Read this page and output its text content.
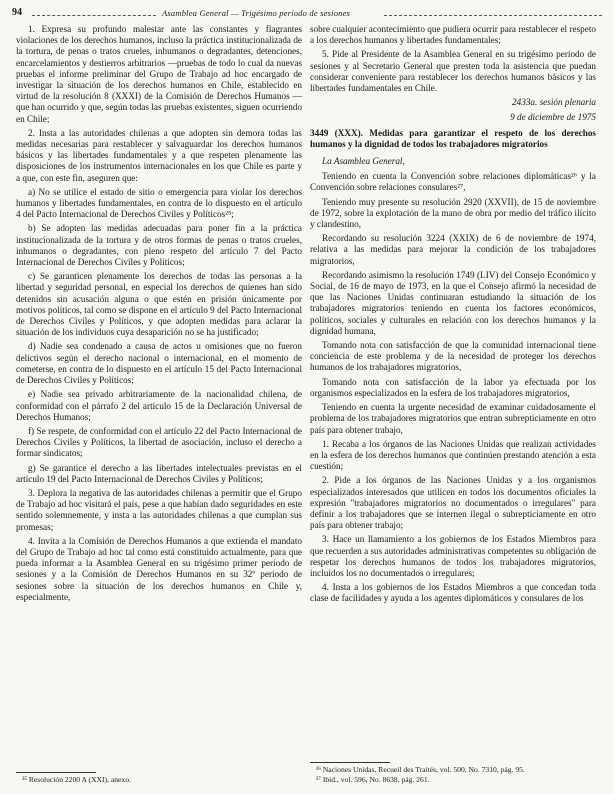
94	Asamblea General — Trigésimo período de sesiones

1. Expresa su profundo malestar ante las constantes y flagrantes violaciones de los derechos humanos, incluso la práctica institucionalizada de la tortura, de penas o tratos crueles, inhumanos o degradantes, detenciones, encarcelamientos y destierros arbitrarios —pruebas de todo lo cual da nuevas pruebas el informe preliminar del Grupo de Trabajo ad hoc encargado de investigar la situación de los derechos humanos en Chile, establecido en virtud de la resolución 8 (XXXI) de la Comisión de Derechos Humanos — que han ocurrido y que, según todas las pruebas existentes, siguen ocurriendo en Chile;

2. Insta a las autoridades chilenas a que adopten sin demora todas las medidas necesarias para restablecer y salvaguardar los derechos humanos básicos y las libertades fundamentales y a que respeten plenamente las disposiciones de los instrumentos internacionales en los que Chile es parte y a que, con este fin, aseguren que:

a) No se utilice el estado de sitio o emergencia para violar los derechos humanos y libertades fundamentales, en contra de lo dispuesto en el artículo 4 del Pacto Internacional de Derechos Civiles y Políticos²⁵;

b) Se adopten las medidas adecuadas para poner fin a la práctica institucionalizada de la tortura y de otros formas de penas o tratos crueles, inhumanos o degradantes, con pleno respeto del artículo 7 del Pacto Internacional de Derechos Civiles y Políticos;

c) Se garanticen plenamente los derechos de todas las personas a la libertad y seguridad personal, en especial los derechos de quienes han sido detenidos sin acusación alguna o que estén en prisión únicamente por motivos políticos, tal como se dispone en el artículo 9 del Pacto Internacional de Derechos Civiles y Políticos, y que adopten medidas para aclarar la situación de los individuos cuya desaparición no se ha justificado;

d) Nadie sea condenado a causa de actos u omisiones que no fueron delictivos según el derecho nacional o internacional, en el momento de cometerse, en contra de lo dispuesto en el artículo 15 del Pacto Internacional de Derechos Civiles y Políticos;

e) Nadie sea privado arbitrariamente de la nacionalidad chilena, de conformidad con el párrafo 2 del artículo 15 de la Declaración Universal de Derechos Humanos;

f) Se respete, de conformidad con el artículo 22 del Pacto Internacional de Derechos Civiles y Políticos, la libertad de asociación, incluso el derecho a formar sindicatos;

g) Se garantice el derecho a las libertades intelectuales previstas en el artículo 19 del Pacto Internacional de Derechos Civiles y Políticos;

3. Deplora la negativa de las autoridades chilenas a permitir que el Grupo de Trabajo ad hoc visitará el país, pese a que habían dado seguridades en este sentido solemnemente, y insta a las autoridades chilenas a que cumplan sus promesas;

4. Invita a la Comisión de Derechos Humanos a que extienda el mandato del Grupo de Trabajo ad hoc tal como está constituido actualmente, para que pueda informar a la Asamblea General en su trigésimo primer período de sesiones y a la Comisión de Derechos Humanos en su 32º período de sesiones sobre la situación de los derechos humanos en Chile y, especialmente,

²⁵ Resolución 2200 A (XXI), anexo.

sobre cualquier acontecimiento que pudiera ocurrir para restablecer el respeto a los derechos humanos y libertades fundamentales;

5. Pide al Presidente de la Asamblea General en su trigésimo período de sesiones y al Secretario General que presten toda la asistencia que puedan considerar conveniente para restablecer los derechos humanos básicos y las libertades fundamentales en Chile.

2433a. sesión plenaria
9 de diciembre de 1975
3449 (XXX). Medidas para garantizar el respeto de los derechos humanos y la dignidad de todos los trabajadores migratorios
La Asamblea General,

Teniendo en cuenta la Convención sobre relaciones diplomáticas²⁶ y la Convención sobre relaciones consulares²⁷,

Teniendo muy presente su resolución 2920 (XXVII), de 15 de noviembre de 1972, sobre la explotación de la mano de obra por medio del tráfico ilícito y clandestino,

Recordando su resolución 3224 (XXIX) de 6 de noviembre de 1974, relativa a las medidas para mejorar la condición de los trabajadores migratorios,

Recordando asimismo la resolución 1749 (LIV) del Consejo Económico y Social, de 16 de mayo de 1973, en la que el Consejo afirmó la necesidad de que las Naciones Unidas continuaran estudiando la situación de los trabajadores migratorios teniendo en cuenta los factores económicos, políticos, sociales y culturales en relación con los derechos humanos y la dignidad humana,

Tomando nota con satisfacción de que la comunidad internacional tiene conciencia de este problema y de la necesidad de proteger los derechos humanos de los trabajadores migratorios,

Tomando nota con satisfacción de la labor ya efectuada por los organismos especializados en la esfera de los trabajadores migratorios,

Teniendo en cuenta la urgente necesidad de examinar cuidadosamente el problema de los trabajadores migratorios que entran subrepticiamente en otro país para obtener trabajo,

1. Recaba a los órganos de las Naciones Unidas que realizan actividades en la esfera de los derechos humanos que continúen prestando atención a esta cuestión;

2. Pide a los órganos de las Naciones Unidas y a los organismos especializados interesados que utilicen en todos los documentos oficiales la expresión "trabajadores migratorios no documentados o irregulares" para definir a los trabajadores que se internen ilegal o subrepticiamente en otro país para obtener trabajo;

3. Hace un llamamiento a los gobiernos de los Estados Miembros para que recuerden a sus autoridades administrativas competentes su obligación de respetar los derechos humanos de todos los trabajadores migratorios, incluidos los no documentados o irregulares;

4. Insta a los gobiernos de los Estados Miembros a que concedan toda clase de facilidades y ayuda a los agentes diplomáticos y consulares de los

²⁶ Naciones Unidas, Recueil des Traités, vol. 500, No. 7310, pág. 95.
²⁷ Ibid., vol. 596, No. 8638, pág. 261.
